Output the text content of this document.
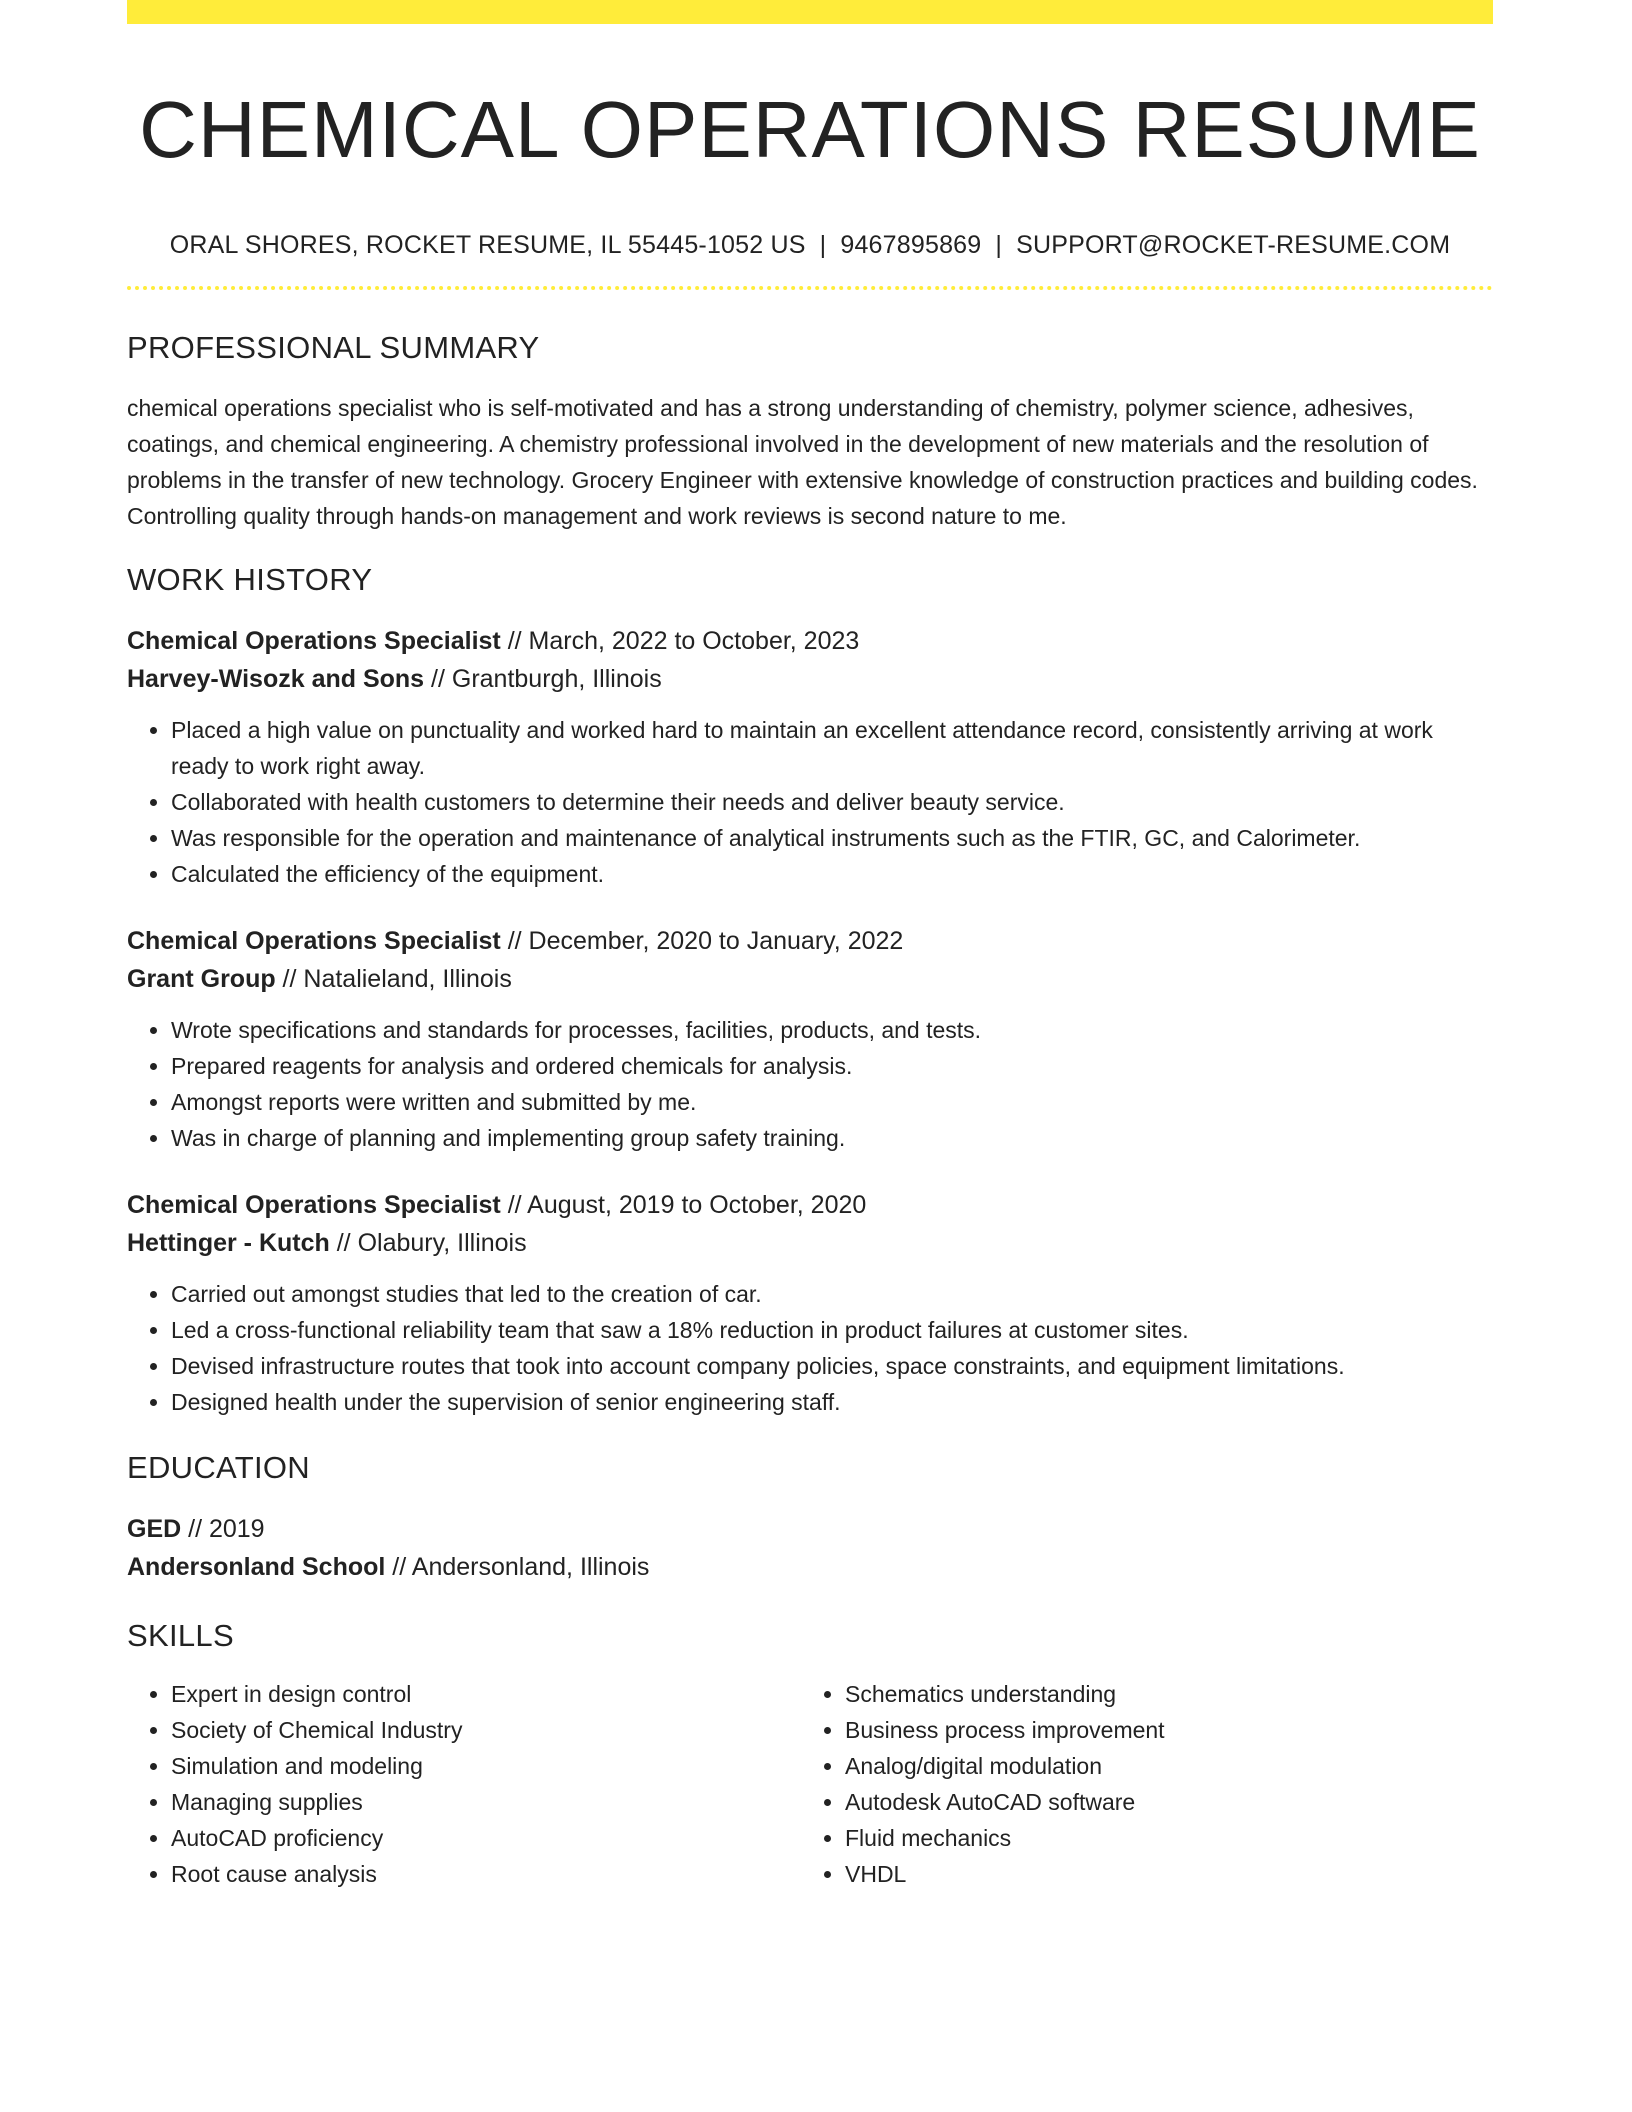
CHEMICAL OPERATIONS RESUME
ORAL SHORES, ROCKET RESUME, IL 55445-1052 US | 9467895869 | SUPPORT@ROCKET-RESUME.COM
PROFESSIONAL SUMMARY

chemical operations specialist who is self-motivated and has a strong understanding of chemistry, polymer science, adhesives, coatings, and chemical engineering. A chemistry professional involved in the development of new materials and the resolution of problems in the transfer of new technology. Grocery Engineer with extensive knowledge of construction practices and building codes. Controlling quality through hands-on management and work reviews is second nature to me.

WORK HISTORY
Chemical Operations Specialist // March, 2022 to October, 2023
Harvey-Wisozk and Sons // Grantburgh, Illinois
• Placed a high value on punctuality and worked hard to maintain an excellent attendance record, consistently arriving at work ready to work right away.
• Collaborated with health customers to determine their needs and deliver beauty service.
• Was responsible for the operation and maintenance of analytical instruments such as the FTIR, GC, and Calorimeter.
• Calculated the efficiency of the equipment.
Chemical Operations Specialist // December, 2020 to January, 2022
Grant Group // Natalieland, Illinois
• Wrote specifications and standards for processes, facilities, products, and tests.
• Prepared reagents for analysis and ordered chemicals for analysis.
• Amongst reports were written and submitted by me.
• Was in charge of planning and implementing group safety training.
Chemical Operations Specialist // August, 2019 to October, 2020
Hettinger - Kutch // Olabury, Illinois
• Carried out amongst studies that led to the creation of car.
• Led a cross-functional reliability team that saw a 18% reduction in product failures at customer sites.
• Devised infrastructure routes that took into account company policies, space constraints, and equipment limitations.
• Designed health under the supervision of senior engineering staff.
EDUCATION
GED // 2019
Andersonland School // Andersonland, Illinois
SKILLS
• Expert in design control
• Society of Chemical Industry
• Simulation and modeling
• Managing supplies
• AutoCAD proficiency
• Root cause analysis
• Schematics understanding
• Business process improvement
• Analog/digital modulation
• Autodesk AutoCAD software
• Fluid mechanics
• VHDL
